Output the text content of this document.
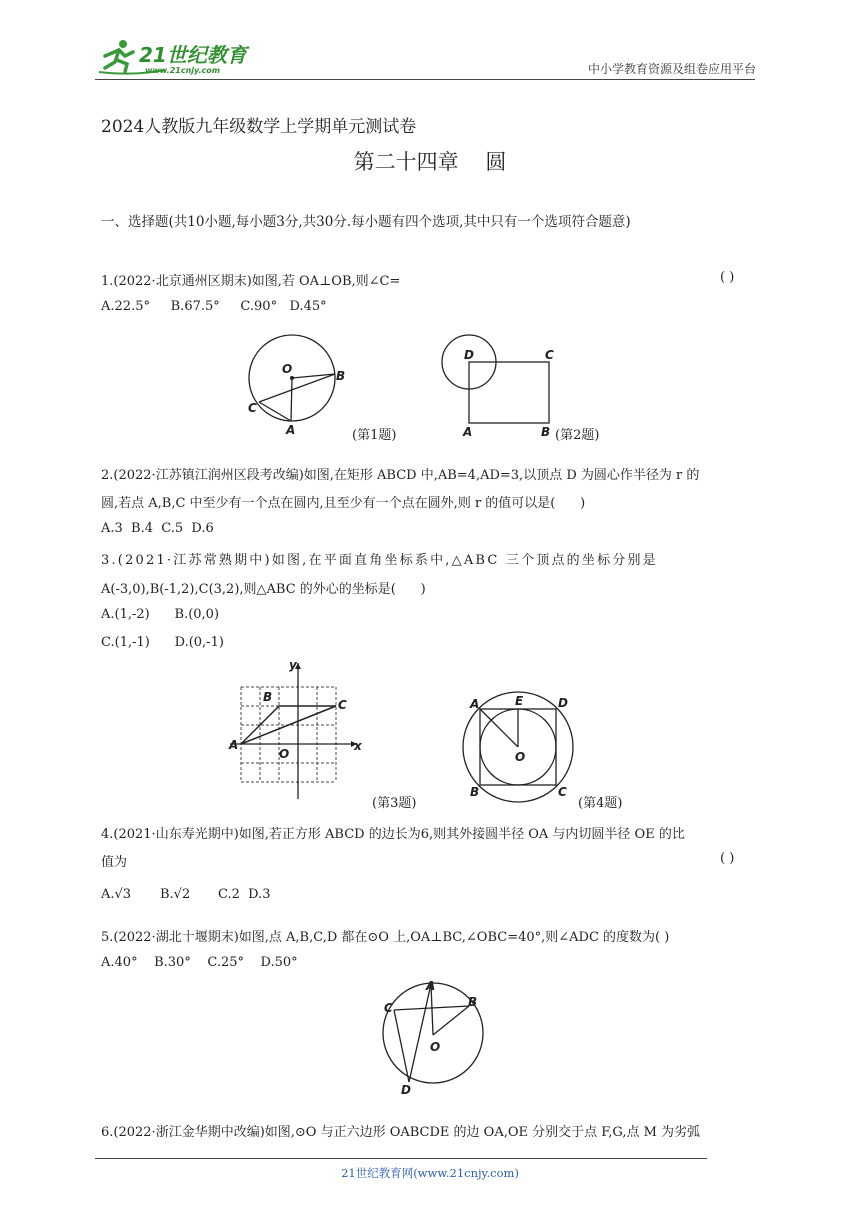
21世纪教育
www.21cnjy.com	中小学教育资源及组卷应用平台
2024人教版九年级数学上学期单元测试卷
第二十四章    圆
一、选择题(共10小题,每小题3分,共30分.每小题有四个选项,其中只有一个选项符合题意)
1.(2022·北京通州区期末)如图,若 OA⊥OB,则∠C=	( )
A.22.5°     B.67.5°     C.90°   D.45°
O	B
C
A	(第1题)
D	C
A	B (第2题)
2.(2022·江苏镇江润州区段考改编)如图,在矩形 ABCD 中,AB=4,AD=3,以顶点 D 为圆心作半径为 r 的
圆,若点 A,B,C 中至少有一个点在圆内,且至少有一个点在圆外,则 r 的值可以是(      )
A.3  B.4  C.5  D.6
3.(2021·江苏常熟期中)如图,在平面直角坐标系中,△ABC 三个顶点的坐标分别是
A(-3,0),B(-1,2),C(3,2),则△ABC 的外心的坐标是(      )
A.(1,-2)      B.(0,0)
C.(1,-1)      D.(0,-1)
y
x
A
B
C
O
(第3题)
A	E	D
O
B	C
(第4题)
4.(2021·山东寿光期中)如图,若正方形 ABCD 的边长为6,则其外接圆半径 OA 与内切圆半径 OE 的比
值为	( )
A.√3 B.√2 C.2  D.3
5.(2022·湖北十堰期末)如图,点 A,B,C,D 都在⊙O 上,OA⊥BC,∠OBC=40°,则∠ADC 的度数为( )
A.40°    B.30°    C.25°    D.50°
A
B
C
D
O
6.(2022·浙江金华期中改编)如图,⊙O 与正六边形 OABCDE 的边 OA,OE 分别交于点 F,G,点 M 为劣弧
21世纪教育网(www.21cnjy.com)
